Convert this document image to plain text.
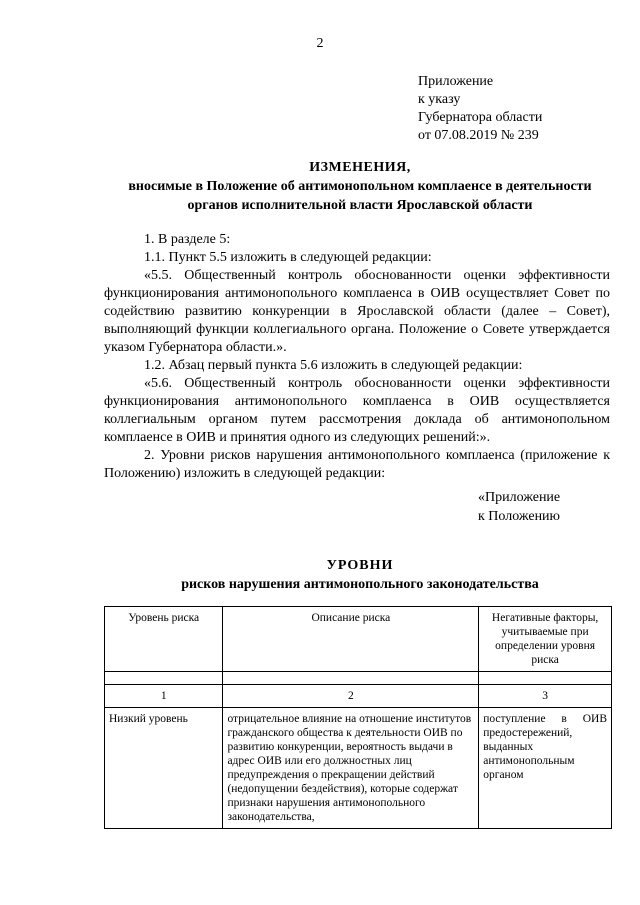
2
Приложение
к указу
Губернатора области
от 07.08.2019 № 239
ИЗМЕНЕНИЯ,
вносимые в Положение об антимонопольном комплаенсе в деятельности
органов исполнительной власти Ярославской области

1. В разделе 5:

1.1. Пункт 5.5 изложить в следующей редакции:

«5.5. Общественный контроль обоснованности оценки эффективности функционирования антимонопольного комплаенса в ОИВ осуществляет Совет по содействию развитию конкуренции в Ярославской области (далее – Совет), выполняющий функции коллегиального органа. Положение о Совете утверждается указом Губернатора области.».

1.2. Абзац первый пункта 5.6 изложить в следующей редакции:

«5.6. Общественный контроль обоснованности оценки эффективности функционирования антимонопольного комплаенса в ОИВ осуществляется коллегиальным органом путем рассмотрения доклада об антимонопольном комплаенсе в ОИВ и принятия одного из следующих решений:».

2. Уровни рисков нарушения антимонопольного комплаенса (приложение к Положению) изложить в следующей редакции:

«Приложение
к Положению
УРОВНИ
рисков нарушения антимонопольного законодательства
Уровень риска	Описание риска	Негативные факторы, учитываемые при определении уровня риска

1	2	3
Низкий уровень	отрицательное влияние на отношение институтов гражданского общества к деятельности ОИВ по развитию конкуренции, вероятность выдачи в адрес ОИВ или его должностных лиц предупреждения о прекращении действий (недопущении бездействия), которые содержат признаки нарушения антимонопольного законодательства,	поступление в ОИВ предостережений, выданных антимонопольным органом
